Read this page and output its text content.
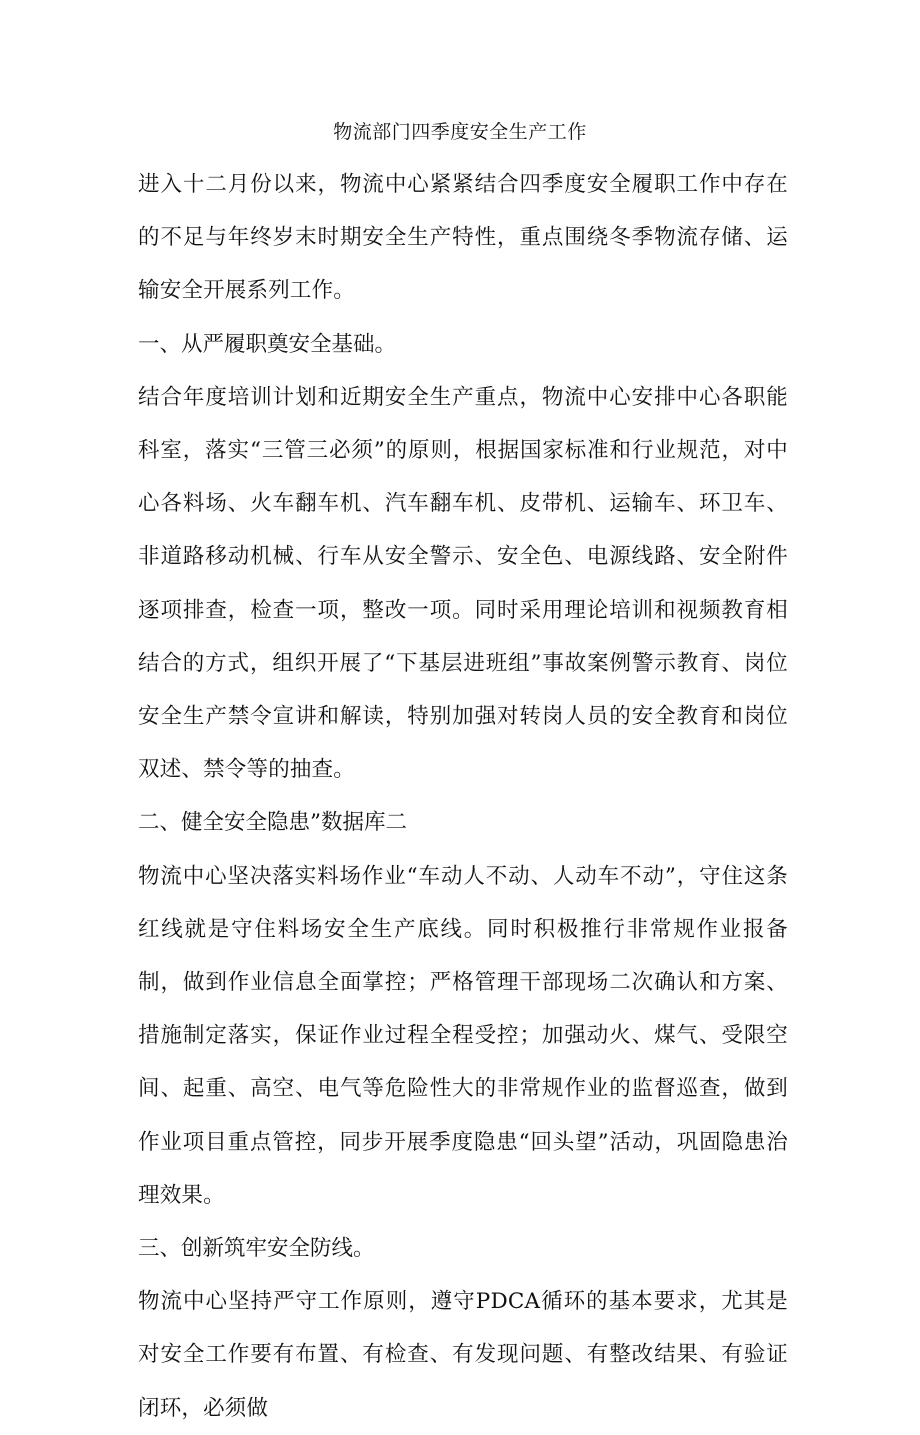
物流部门四季度安全生产工作

进入十二月份以来，物流中心紧紧结合四季度安全履职工作中存在的不足与年终岁末时期安全生产特性，重点围绕冬季物流存储、运输安全开展系列工作。

一、从严履职奠安全基础。

结合年度培训计划和近期安全生产重点，物流中心安排中心各职能科室，落实“三管三必须”的原则，根据国家标准和行业规范，对中心各料场、火车翻车机、汽车翻车机、皮带机、运输车、环卫车、非道路移动机械、行车从安全警示、安全色、电源线路、安全附件逐项排查，检查一项，整改一项。同时采用理论培训和视频教育相结合的方式，组织开展了“下基层进班组”事故案例警示教育、岗位安全生产禁令宣讲和解读，特别加强对转岗人员的安全教育和岗位双述、禁令等的抽查。

二、健全安全隐患”数据库二

物流中心坚决落实料场作业“车动人不动、人动车不动”，守住这条红线就是守住料场安全生产底线。同时积极推行非常规作业报备制，做到作业信息全面掌控；严格管理干部现场二次确认和方案、措施制定落实，保证作业过程全程受控；加强动火、煤气、受限空间、起重、高空、电气等危险性大的非常规作业的监督巡查，做到作业项目重点管控，同步开展季度隐患“回头望”活动，巩固隐患治理效果。

三、创新筑牢安全防线。

物流中心坚持严守工作原则，遵守PDCA循环的基本要求，尤其是对安全工作要有布置、有检查、有发现问题、有整改结果、有验证闭环，必须做
